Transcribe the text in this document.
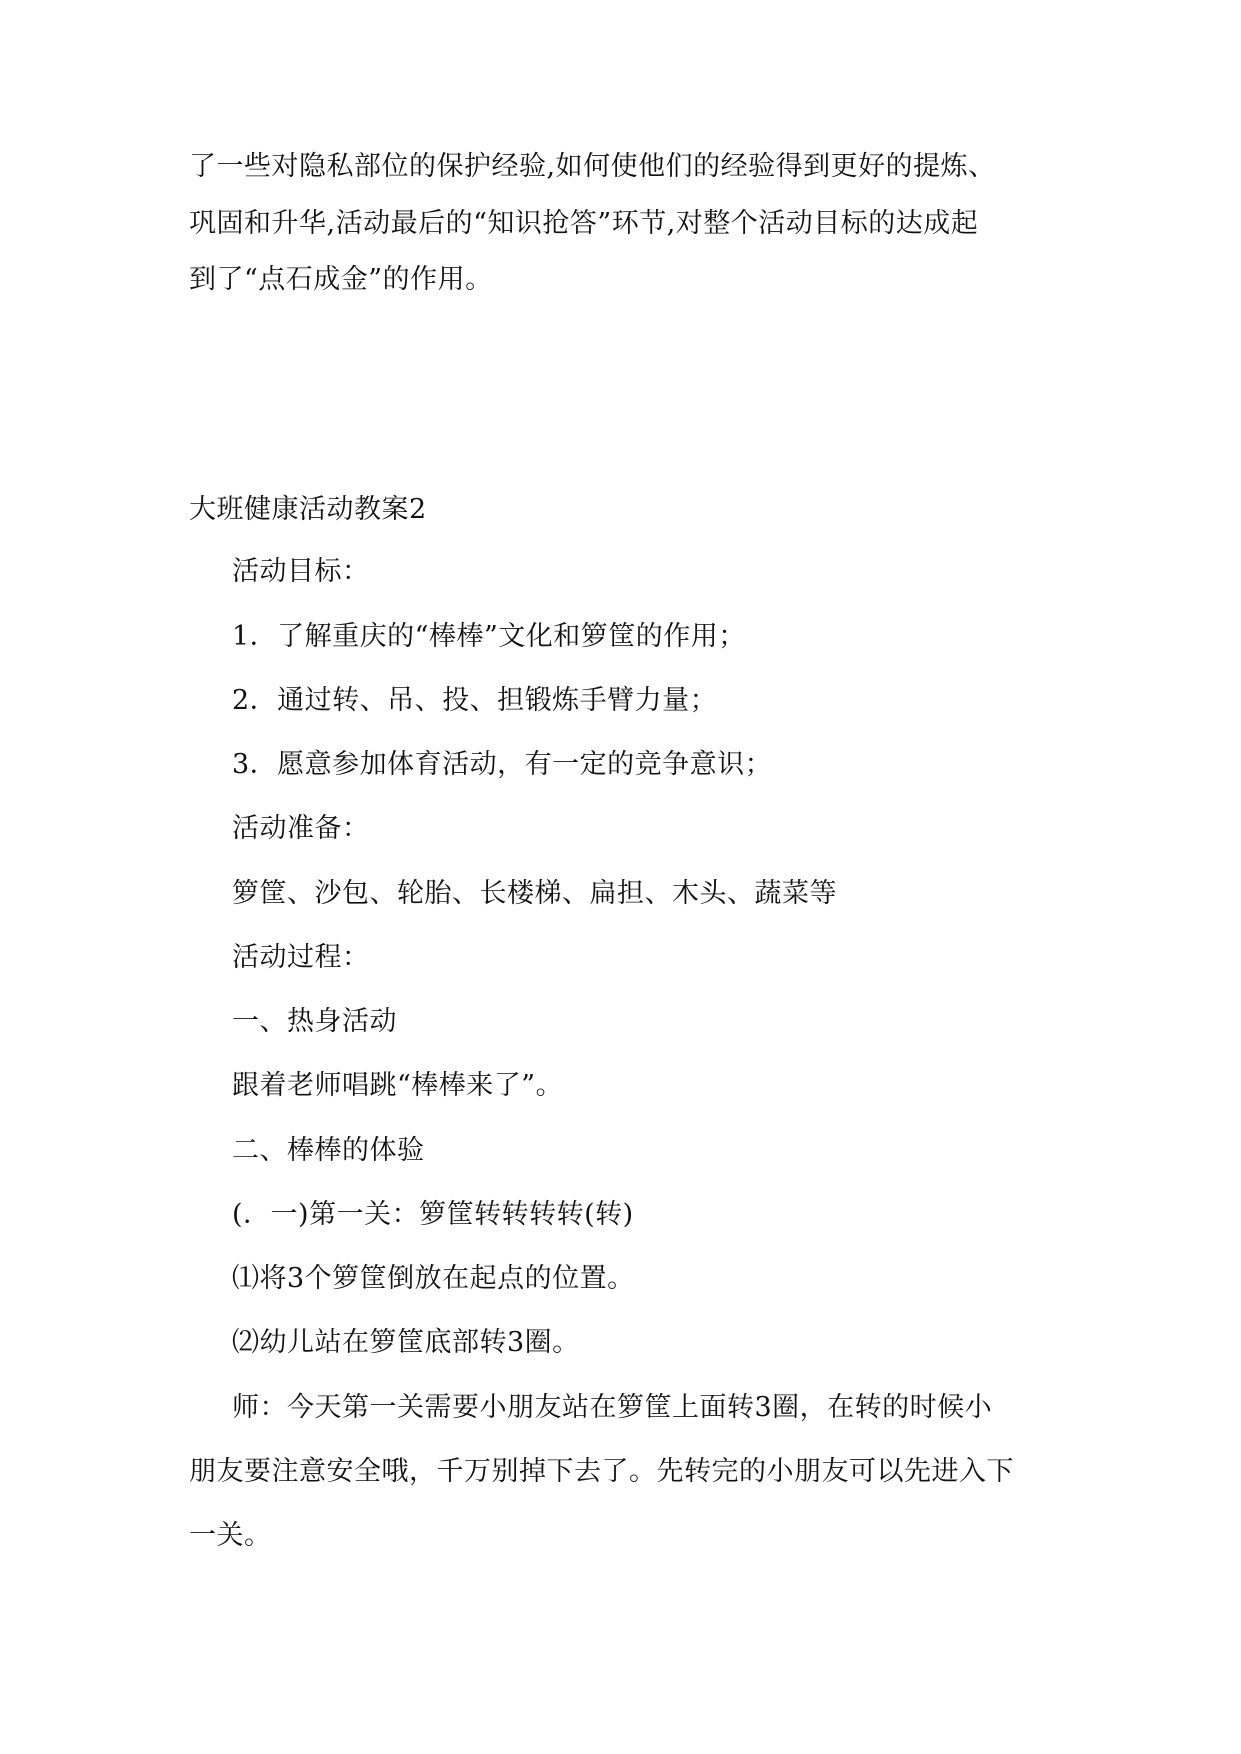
了一些对隐私部位的保护经验,如何使他们的经验得到更好的提炼、

巩固和升华,活动最后的“知识抢答”环节,对整个活动目标的达成起

到了“点石成金”的作用。

大班健康活动教案2

活动目标：

1．了解重庆的“棒棒”文化和箩筐的作用；

2．通过转、吊、投、担锻炼手臂力量；

3．愿意参加体育活动，有一定的竞争意识；

活动准备：

箩筐、沙包、轮胎、长楼梯、扁担、木头、蔬菜等

活动过程：

一、热身活动

跟着老师唱跳“棒棒来了”。

二、棒棒的体验

(．一)第一关：箩筐转转转转(转)

⑴将3个箩筐倒放在起点的位置。

⑵幼儿站在箩筐底部转3圈。

师：今天第一关需要小朋友站在箩筐上面转3圈，在转的时候小

朋友要注意安全哦，千万别掉下去了。先转完的小朋友可以先进入下

一关。
